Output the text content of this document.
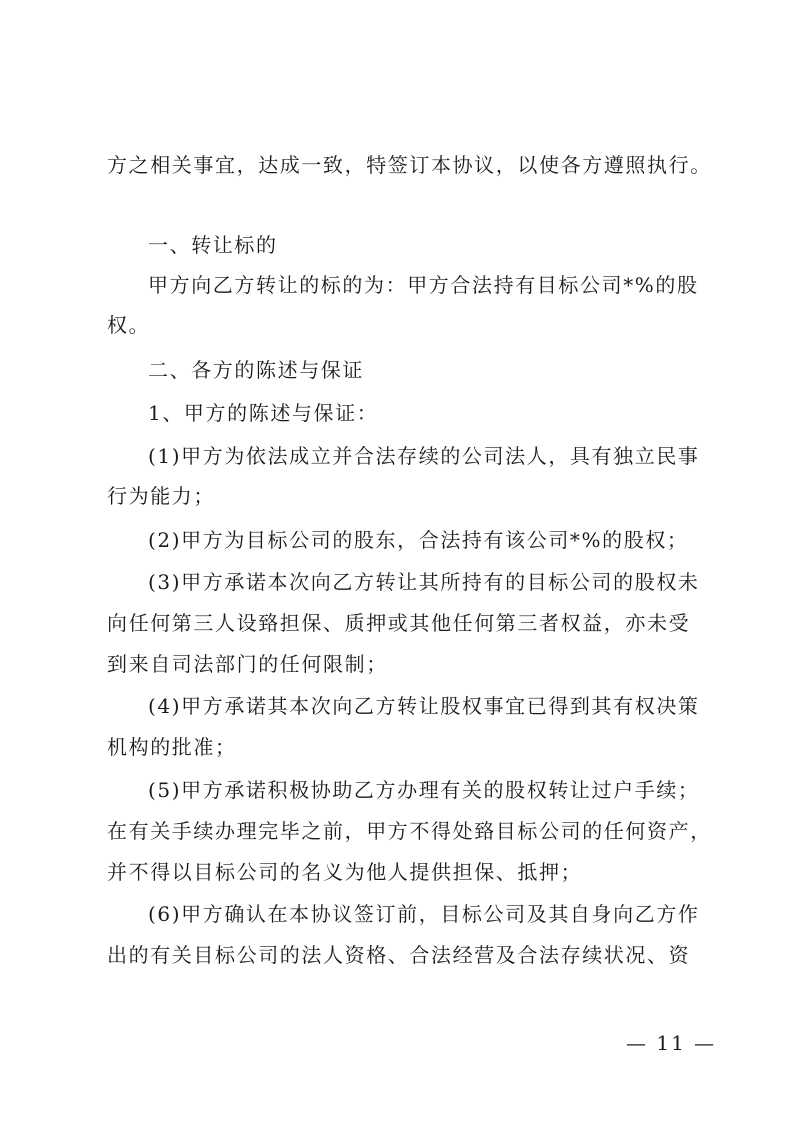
方之相关事宜，达成一致，特签订本协议，以使各方遵照执行。
一、转让标的
甲方向乙方转让的标的为：甲方合法持有目标公司*%的股
权。
二、各方的陈述与保证
1、甲方的陈述与保证：
(1)甲方为依法成立并合法存续的公司法人，具有独立民事
行为能力；
(2)甲方为目标公司的股东，合法持有该公司*%的股权；
(3)甲方承诺本次向乙方转让其所持有的目标公司的股权未
向任何第三人设臵担保、质押或其他任何第三者权益，亦未受
到来自司法部门的任何限制；
(4)甲方承诺其本次向乙方转让股权事宜已得到其有权决策
机构的批准；
(5)甲方承诺积极协助乙方办理有关的股权转让过户手续；
在有关手续办理完毕之前，甲方不得处臵目标公司的任何资产，
并不得以目标公司的名义为他人提供担保、抵押；
(6)甲方确认在本协议签订前，目标公司及其自身向乙方作
出的有关目标公司的法人资格、合法经营及合法存续状况、资
— 11 —
